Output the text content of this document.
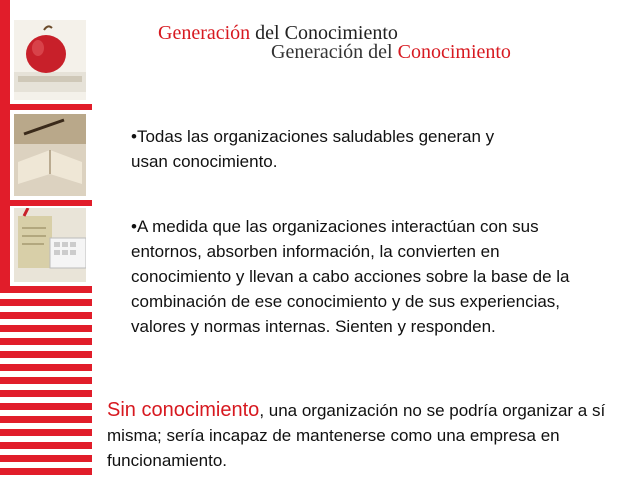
Generación del Conocimiento
Generación del Conocimiento
•Todas las organizaciones saludables generan y usan conocimiento.
•A medida que las organizaciones interactúan con sus entornos, absorben información, la convierten en conocimiento y llevan a cabo acciones sobre la base de la combinación de ese conocimiento y de sus experiencias, valores y normas internas. Sienten y responden.
Sin conocimiento, una organización no se podría organizar a sí misma; sería incapaz de mantenerse como una empresa en funcionamiento.
